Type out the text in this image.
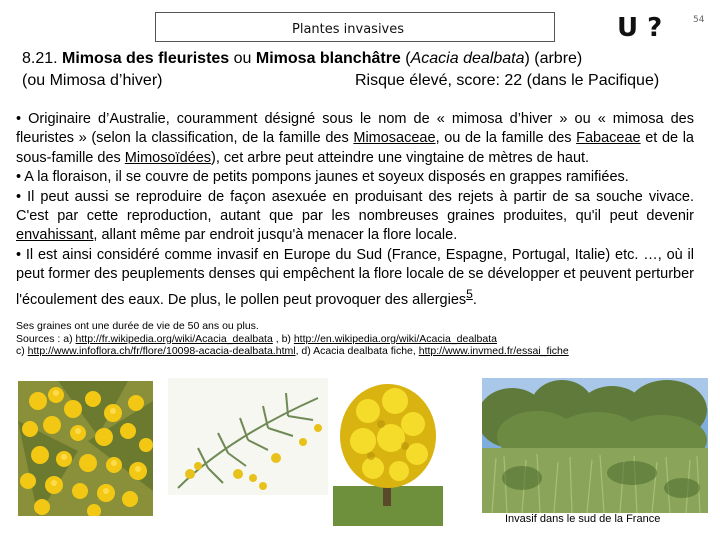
Plantes invasives	U ?	54
8.21. Mimosa des fleuristes ou Mimosa blanchâtre (Acacia dealbata) (arbre)
(ou Mimosa d’hiver)	Risque élevé, score: 22 (dans le Pacifique)

• Originaire d’Australie, couramment désigné sous le nom de « mimosa d’hiver » ou « mimosa des fleuristes » (selon la classification, de la famille des Mimosaceae, ou de la famille des Fabaceae et de la sous-famille des Mimosoïdées), cet arbre peut atteindre une vingtaine de mètres de haut.

• A la floraison, il se couvre de petits pompons jaunes et soyeux disposés en grappes ramifiées.

• Il peut aussi se reproduire de façon asexuée en produisant des rejets à partir de sa souche vivace. C'est par cette reproduction, autant que par les nombreuses graines produites, qu'il peut devenir envahissant, allant même par endroit jusqu'à menacer la flore locale.

• Il est ainsi considéré comme invasif en Europe du Sud (France, Espagne, Portugal, Italie) etc. …, où il peut former des peuplements denses qui empêchent la flore locale de se développer et peuvent perturber l'écoulement des eaux. De plus, le pollen peut provoquer des allergies$^5$.

Ses graines ont une durée de vie de 50 ans ou plus.

Sources : a) http://fr.wikipedia.org/wiki/Acacia_dealbata , b) http://en.wikipedia.org/wiki/Acacia_dealbata

c) http://www.infoflora.ch/fr/flore/10098-acacia-dealbata.html, d) Acacia dealbata fiche, http://www.invmed.fr/essai_fiche

Invasif dans le sud de la France
